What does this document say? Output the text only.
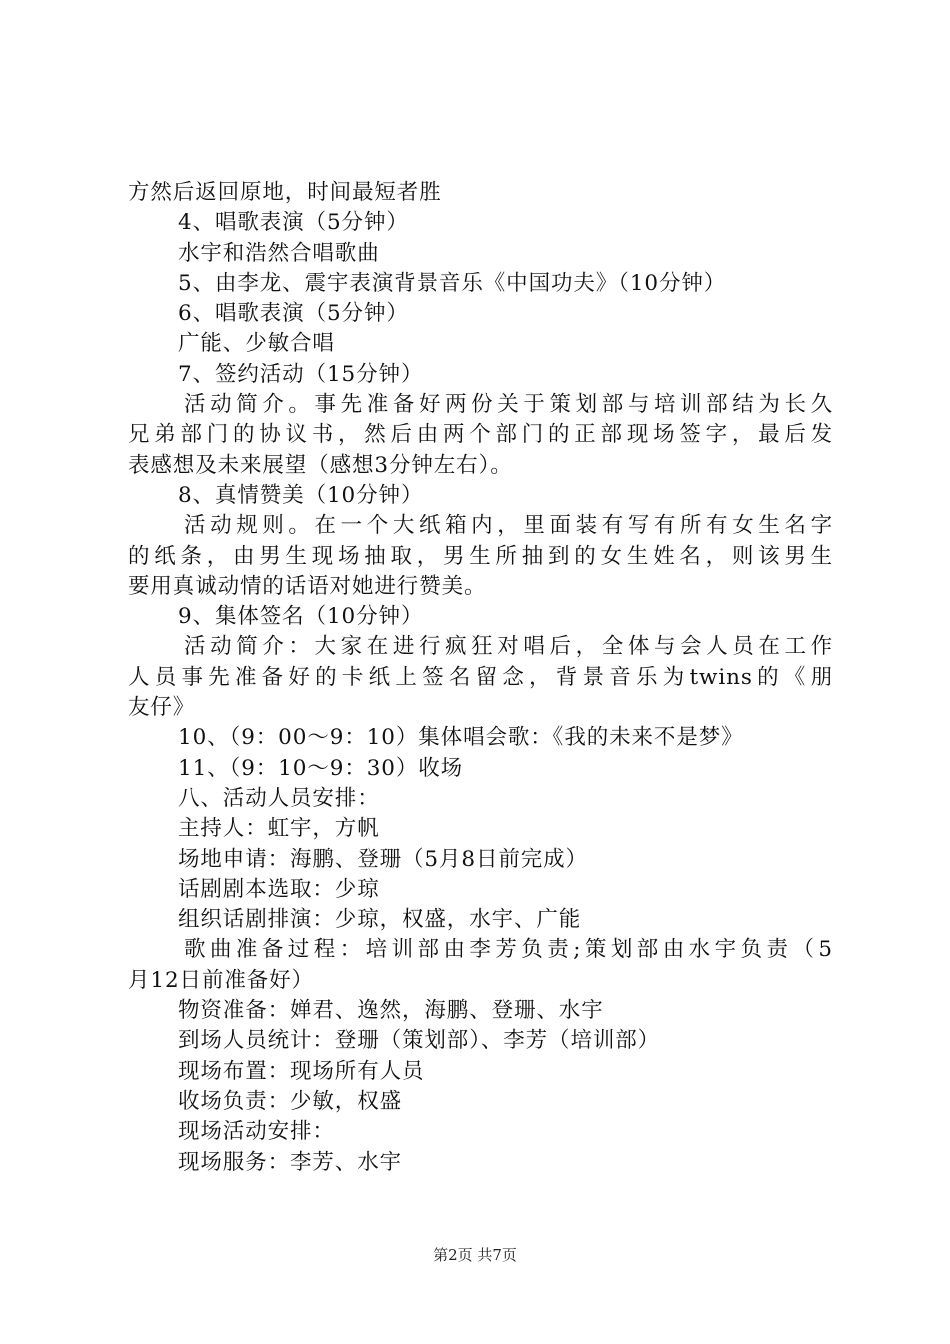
方然后返回原地，时间最短者胜
4、唱歌表演（5分钟）
水宇和浩然合唱歌曲
5、由李龙、震宇表演背景音乐《中国功夫》（10分钟）
6、唱歌表演（5分钟）
广能、少敏合唱
7、签约活动（15分钟）
活动简介。事先准备好两份关于策划部与培训部结为长久
兄弟部门的协议书，然后由两个部门的正部现场签字，最后发
表感想及未来展望（感想3分钟左右）。
8、真情赞美（10分钟）
活动规则。在一个大纸箱内，里面装有写有所有女生名字
的纸条，由男生现场抽取，男生所抽到的女生姓名，则该男生
要用真诚动情的话语对她进行赞美。
9、集体签名（10分钟）
活动简介：大家在进行疯狂对唱后，全体与会人员在工作
人员事先准备好的卡纸上签名留念，背景音乐为twins的《朋
友仔》
10、（9：00～9：10）集体唱会歌：《我的未来不是梦》
11、（9：10～9：30）收场
八、活动人员安排：
主持人：虹宇，方帆
场地申请：海鹏、登珊（5月8日前完成）
话剧剧本选取：少琼
组织话剧排演：少琼，权盛，水宇、广能
歌曲准备过程：培训部由李芳负责;策划部由水宇负责（5
月12日前准备好）
物资准备：婵君、逸然，海鹏、登珊、水宇
到场人员统计：登珊（策划部）、李芳（培训部）
现场布置：现场所有人员
收场负责：少敏，权盛
现场活动安排：
现场服务：李芳、水宇
第2页 共7页
